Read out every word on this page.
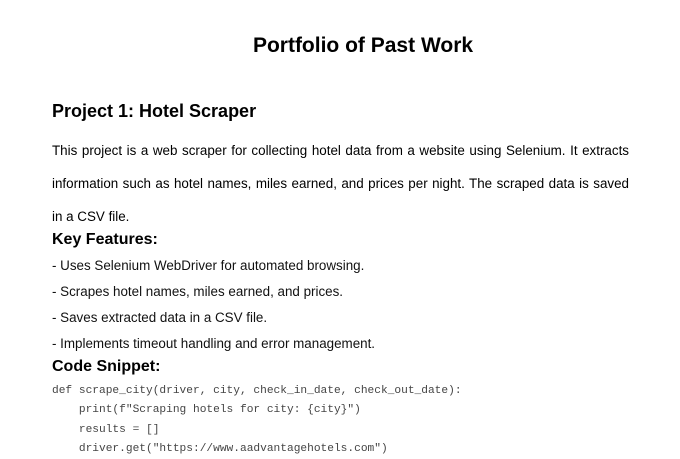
Portfolio of Past Work
Project 1: Hotel Scraper
This project is a web scraper for collecting hotel data from a website using Selenium. It extracts information such as hotel names, miles earned, and prices per night. The scraped data is saved in a CSV file.
Key Features:
- Uses Selenium WebDriver for automated browsing.
- Scrapes hotel names, miles earned, and prices.
- Saves extracted data in a CSV file.
- Implements timeout handling and error management.
Code Snippet:
def scrape_city(driver, city, check_in_date, check_out_date):
print(f"Scraping hotels for city: {city}")
results = []
driver.get("https://www.aadvantagehotels.com")
